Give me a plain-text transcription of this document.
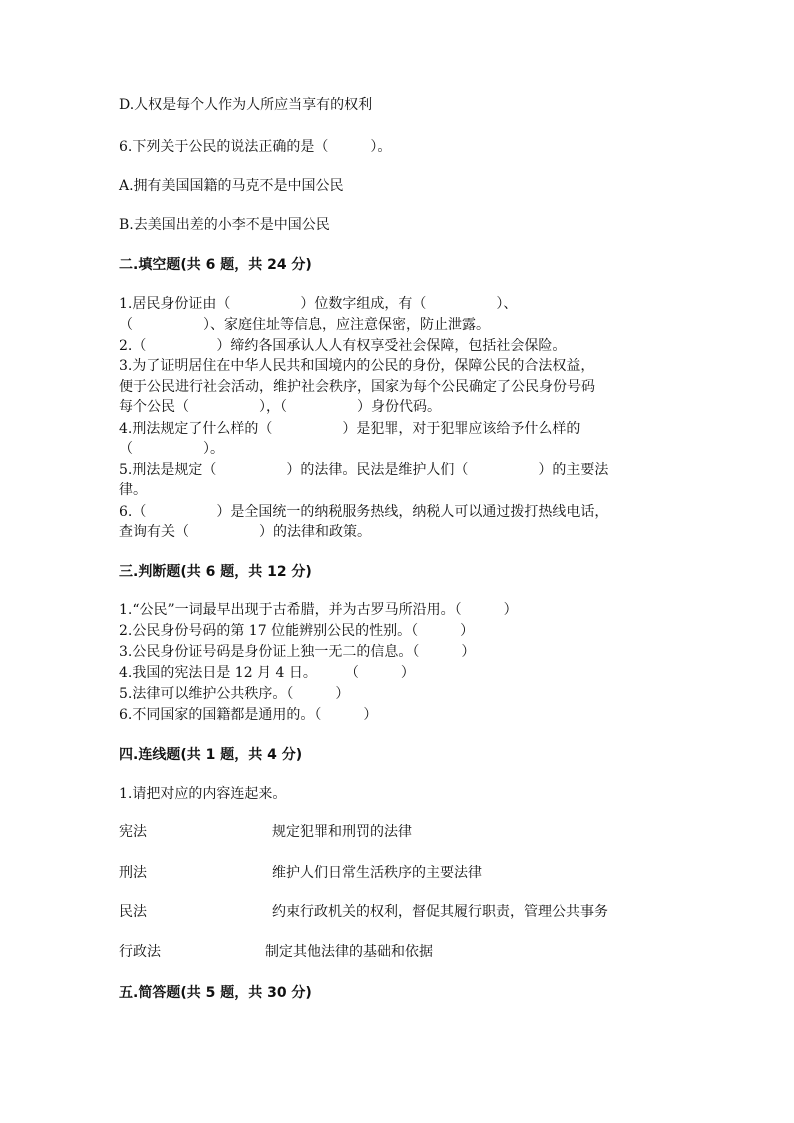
D.人权是每个人作为人所应当享有的权利
6.下列关于公民的说法正确的是（　　　）。
A.拥有美国国籍的马克不是中国公民
B.去美国出差的小李不是中国公民
二.填空题(共 6 题，共 24 分)
1.居民身份证由（　　　　　）位数字组成，有（　　　　　）、
（　　　　　）、家庭住址等信息，应注意保密，防止泄露。
2.（　　　　　）缔约各国承认人人有权享受社会保障，包括社会保险。
3.为了证明居住在中华人民共和国境内的公民的身份，保障公民的合法权益，
便于公民进行社会活动，维护社会秩序，国家为每个公民确定了公民身份号码
每个公民（　　　　　），（　　　　　）身份代码。
4.刑法规定了什么样的（　　　　　）是犯罪，对于犯罪应该给予什么样的
（　　　　　）。
5.刑法是规定（　　　　　）的法律。民法是维护人们（　　　　　）的主要法
律。
6.（　　　　　）是全国统一的纳税服务热线，纳税人可以通过拨打热线电话，
查询有关（　　　　　）的法律和政策。
三.判断题(共 6 题，共 12 分)
1.“公民”一词最早出现于古希腊，并为古罗马所沿用。（　　　）
2.公民身份号码的第 17 位能辨别公民的性别。（　　　）
3.公民身份证号码是身份证上独一无二的信息。（　　　）
4.我国的宪法日是 12 月 4 日。　　　（　　　）
5.法律可以维护公共秩序。（　　　）
6.不同国家的国籍都是通用的。（　　　）
四.连线题(共 1 题，共 4 分)
1.请把对应的内容连起来。
宪法	规定犯罪和刑罚的法律
刑法	维护人们日常生活秩序的主要法律
民法	约束行政机关的权利，督促其履行职责，管理公共事务
行政法	制定其他法律的基础和依据
五.简答题(共 5 题，共 30 分)
